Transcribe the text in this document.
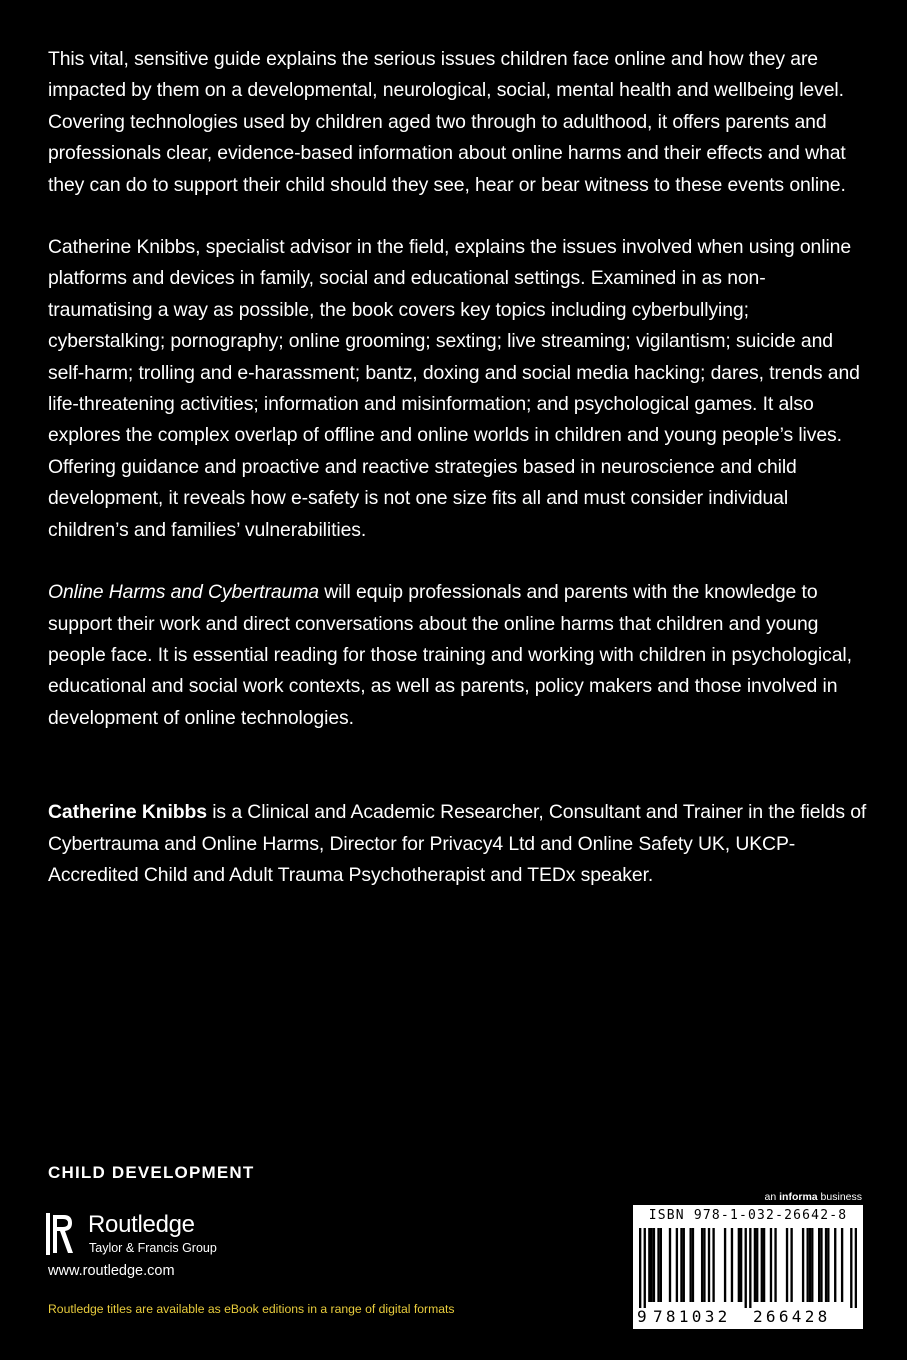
This vital, sensitive guide explains the serious issues children face online and how they are impacted by them on a developmental, neurological, social, mental health and wellbeing level. Covering technologies used by children aged two through to adulthood, it offers parents and professionals clear, evidence-based information about online harms and their effects and what they can do to support their child should they see, hear or bear witness to these events online.

Catherine Knibbs, specialist advisor in the field, explains the issues involved when using online platforms and devices in family, social and educational settings. Examined in as non-traumatising a way as possible, the book covers key topics including cyberbullying; cyberstalking; pornography; online grooming; sexting; live streaming; vigilantism; suicide and self-harm; trolling and e-harassment; bantz, doxing and social media hacking; dares, trends and life-threatening activities; information and misinformation; and psychological games. It also explores the complex overlap of offline and online worlds in children and young people’s lives. Offering guidance and proactive and reactive strategies based in neuroscience and child development, it reveals how e-safety is not one size fits all and must consider individual children’s and families’ vulnerabilities.

Online Harms and Cybertrauma will equip professionals and parents with the knowledge to support their work and direct conversations about the online harms that children and young people face. It is essential reading for those training and working with children in psychological, educational and social work contexts, as well as parents, policy makers and those involved in development of online technologies.

Catherine Knibbs is a Clinical and Academic Researcher, Consultant and Trainer in the fields of Cybertrauma and Online Harms, Director for Privacy4 Ltd and Online Safety UK, UKCP-Accredited Child and Adult Trauma Psychotherapist and TEDx speaker.

CHILD DEVELOPMENT
Routledge
Taylor & Francis Group
www.routledge.com
Routledge titles are available as eBook editions in a range of digital formats
an informa business
ISBN 978-1-032-26642-8
9 781032 266428
